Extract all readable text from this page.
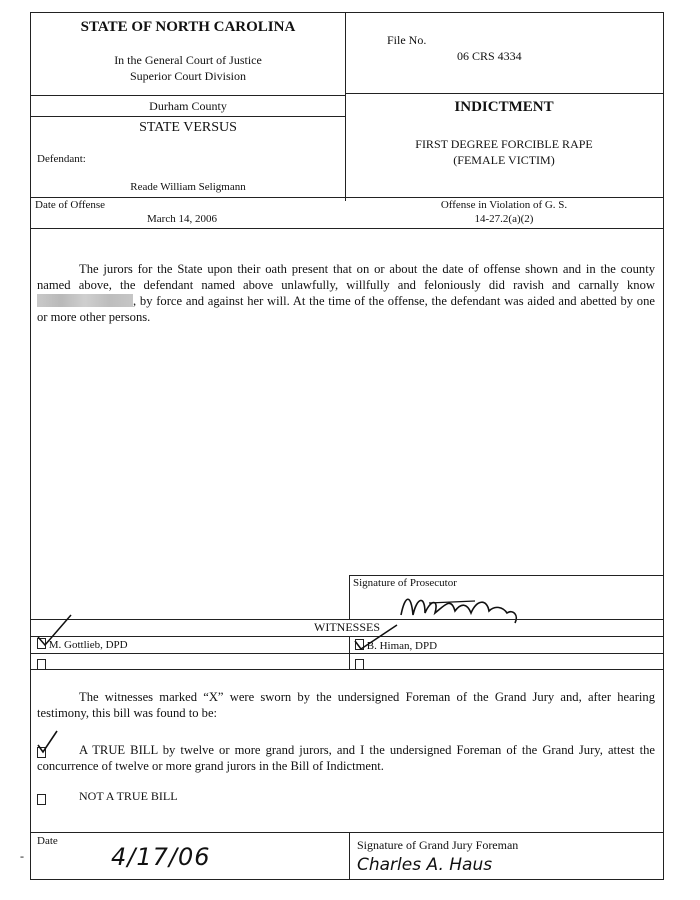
-
STATE OF NORTH CAROLINA
In the General Court of Justice
Superior Court Division
File No.
06 CRS 4334
Durham County	INDICTMENT
STATE VERSUS
Defendant:
Reade William Seligmann
FIRST DEGREE FORCIBLE RAPE
(FEMALE VICTIM)
Date of Offense
March 14, 2006
Offense in Violation of G. S.
14-27.2(a)(2)
The jurors for the State upon their oath present that on or about the date of offense shown and in the county named above, the defendant named above unlawfully, willfully and feloniously did ravish and carnally know , by force and against her will. At the time of the offense, the defendant was aided and abetted by one or more other persons.
Signature of Prosecutor
WITNESSES
M. Gottlieb, DPD	B. Himan, DPD
The witnesses marked “X” were sworn by the undersigned Foreman of the Grand Jury and, after hearing testimony, this bill was found to be:
A TRUE BILL by twelve or more grand jurors, and I the undersigned Foreman of the Grand Jury, attest the concurrence of twelve or more grand jurors in the Bill of Indictment.
NOT A TRUE BILL
Date
4/17/06	Signature of Grand Jury Foreman
Charles A. Haus
